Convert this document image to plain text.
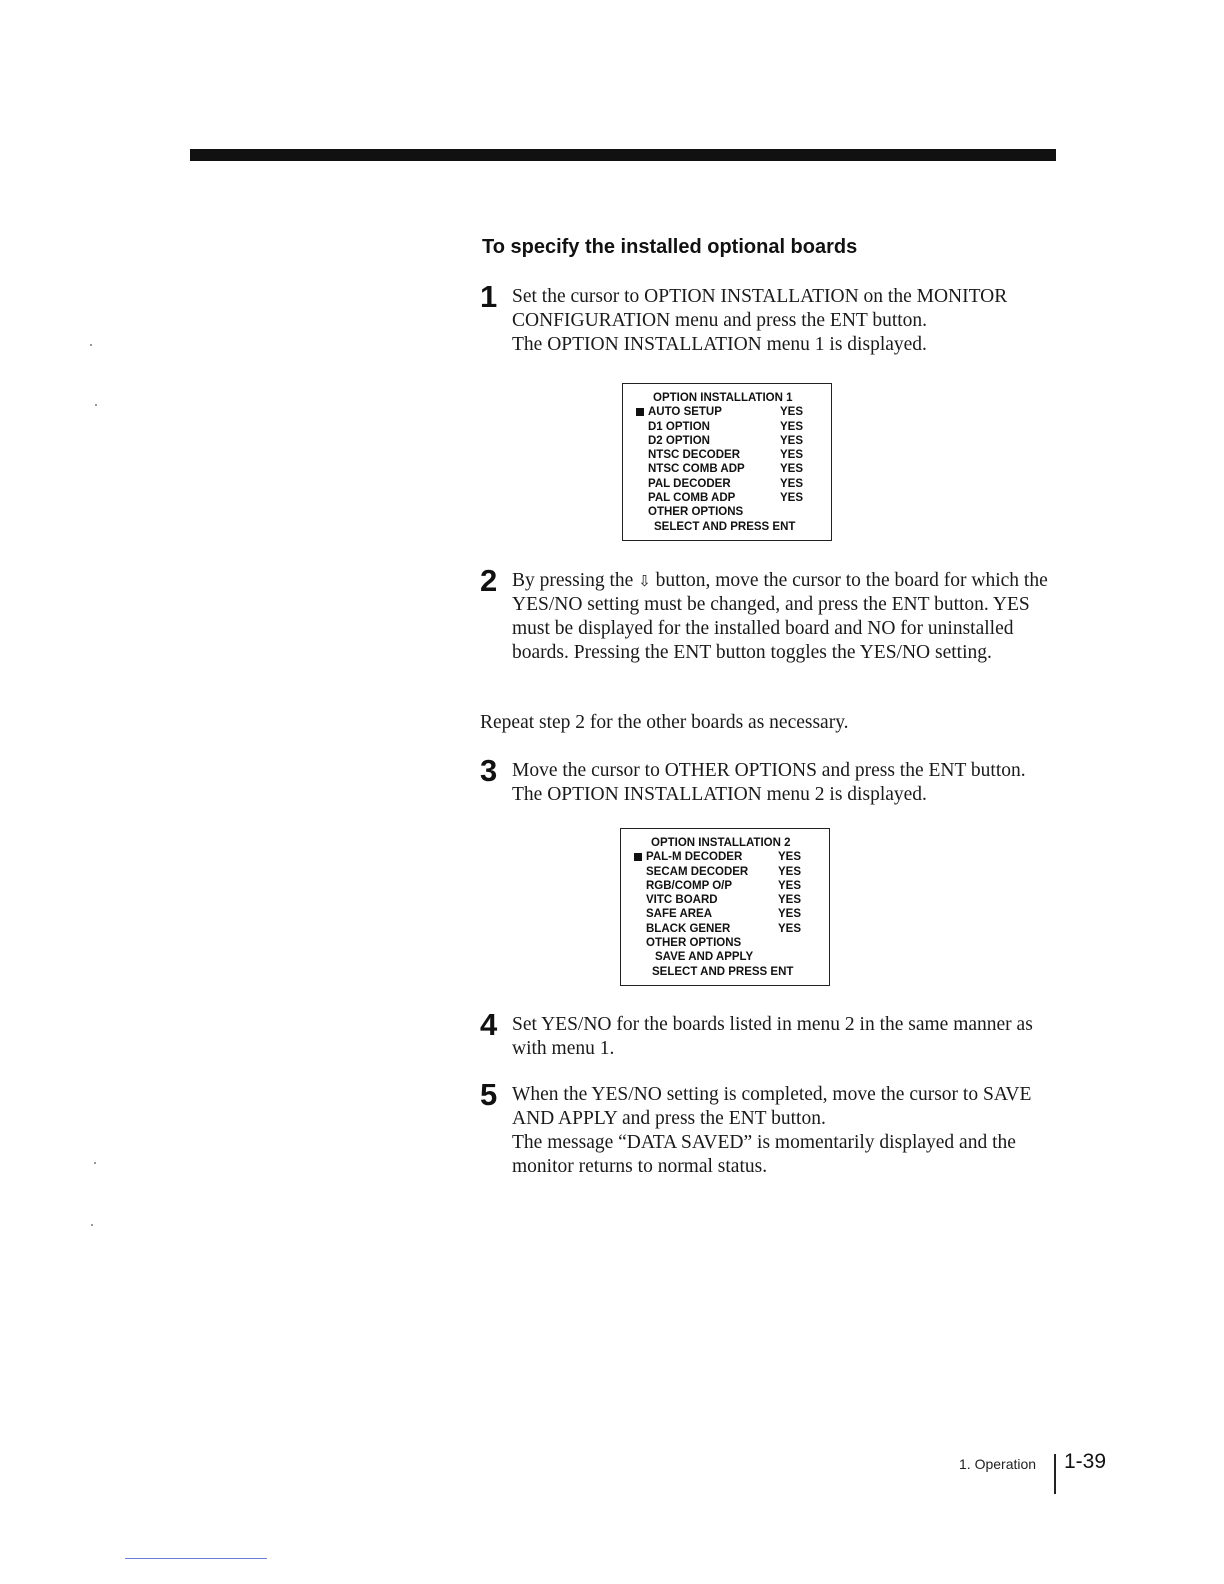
To specify the installed optional boards
1 Set the cursor to OPTION INSTALLATION on the MONITOR CONFIGURATION menu and press the ENT button.

The OPTION INSTALLATION menu 1 is displayed.

OPTION INSTALLATION 1
AUTO SETUP	YES
D1 OPTION	YES
D2 OPTION	YES
NTSC DECODER	YES
NTSC COMB ADP	YES
PAL DECODER	YES
PAL COMB ADP	YES
OTHER OPTIONS
SELECT AND PRESS ENT
2 By pressing the ⇩ button, move the cursor to the board for which the YES/NO setting must be changed, and press the ENT button. YES must be displayed for the installed board and NO for uninstalled boards. Pressing the ENT button toggles the YES/NO setting.

Repeat step 2 for the other boards as necessary.

3 Move the cursor to OTHER OPTIONS and press the ENT button.

The OPTION INSTALLATION menu 2 is displayed.

OPTION INSTALLATION 2
PAL-M DECODER	YES
SECAM DECODER	YES
RGB/COMP O/P	YES
VITC BOARD	YES
SAFE AREA	YES
BLACK GENER	YES
OTHER OPTIONS
SAVE AND APPLY
SELECT AND PRESS ENT
4 Set YES/NO for the boards listed in menu 2 in the same manner as with menu 1.

5 When the YES/NO setting is completed, move the cursor to SAVE AND APPLY and press the ENT button.

The message “DATA SAVED” is momentarily displayed and the monitor returns to normal status.

1. Operation 1-39
